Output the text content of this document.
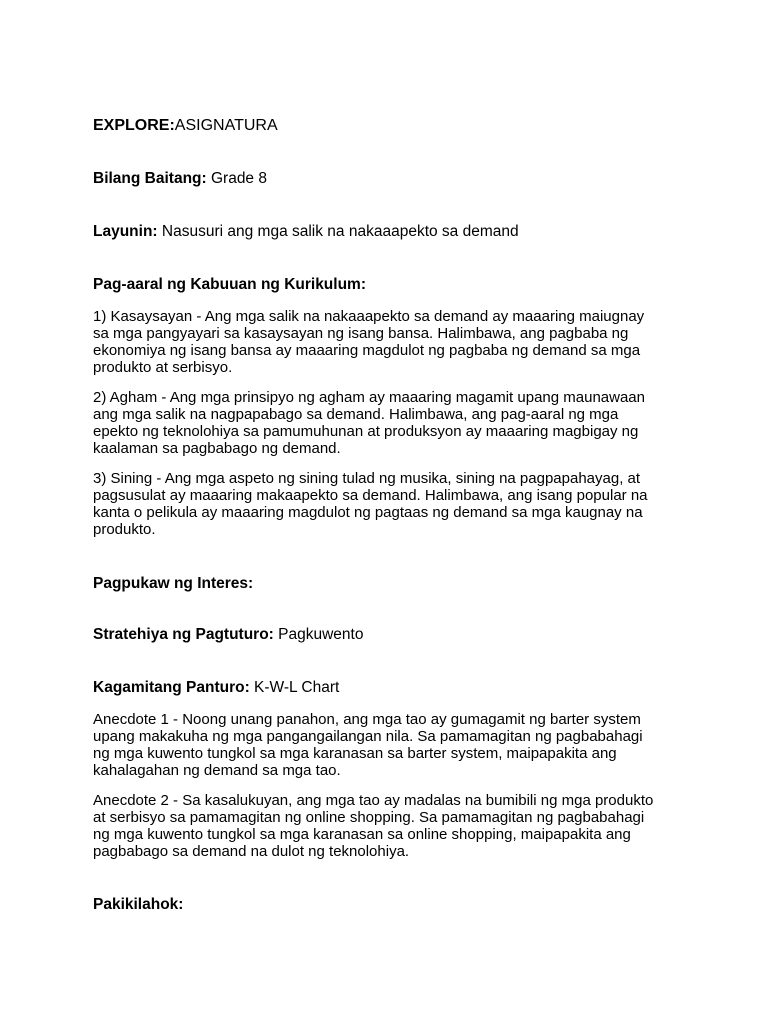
EXPLORE:ASIGNATURA
Bilang Baitang: Grade 8
Layunin: Nasusuri ang mga salik na nakaaapekto sa demand
Pag-aaral ng Kabuuan ng Kurikulum:

1) Kasaysayan - Ang mga salik na nakaaapekto sa demand ay maaaring maiugnay
sa mga pangyayari sa kasaysayan ng isang bansa. Halimbawa, ang pagbaba ng
ekonomiya ng isang bansa ay maaaring magdulot ng pagbaba ng demand sa mga
produkto at serbisyo.

2) Agham - Ang mga prinsipyo ng agham ay maaaring magamit upang maunawaan
ang mga salik na nagpapabago sa demand. Halimbawa, ang pag-aaral ng mga
epekto ng teknolohiya sa pamumuhunan at produksyon ay maaaring magbigay ng
kaalaman sa pagbabago ng demand.

3) Sining - Ang mga aspeto ng sining tulad ng musika, sining na pagpapahayag, at
pagsusulat ay maaaring makaapekto sa demand. Halimbawa, ang isang popular na
kanta o pelikula ay maaaring magdulot ng pagtaas ng demand sa mga kaugnay na
produkto.

Pagpukaw ng Interes:
Stratehiya ng Pagtuturo: Pagkuwento
Kagamitang Panturo: K-W-L Chart

Anecdote 1 - Noong unang panahon, ang mga tao ay gumagamit ng barter system
upang makakuha ng mga pangangailangan nila. Sa pamamagitan ng pagbabahagi
ng mga kuwento tungkol sa mga karanasan sa barter system, maipapakita ang
kahalagahan ng demand sa mga tao.

Anecdote 2 - Sa kasalukuyan, ang mga tao ay madalas na bumibili ng mga produkto
at serbisyo sa pamamagitan ng online shopping. Sa pamamagitan ng pagbabahagi
ng mga kuwento tungkol sa mga karanasan sa online shopping, maipapakita ang
pagbabago sa demand na dulot ng teknolohiya.

Pakikilahok:
